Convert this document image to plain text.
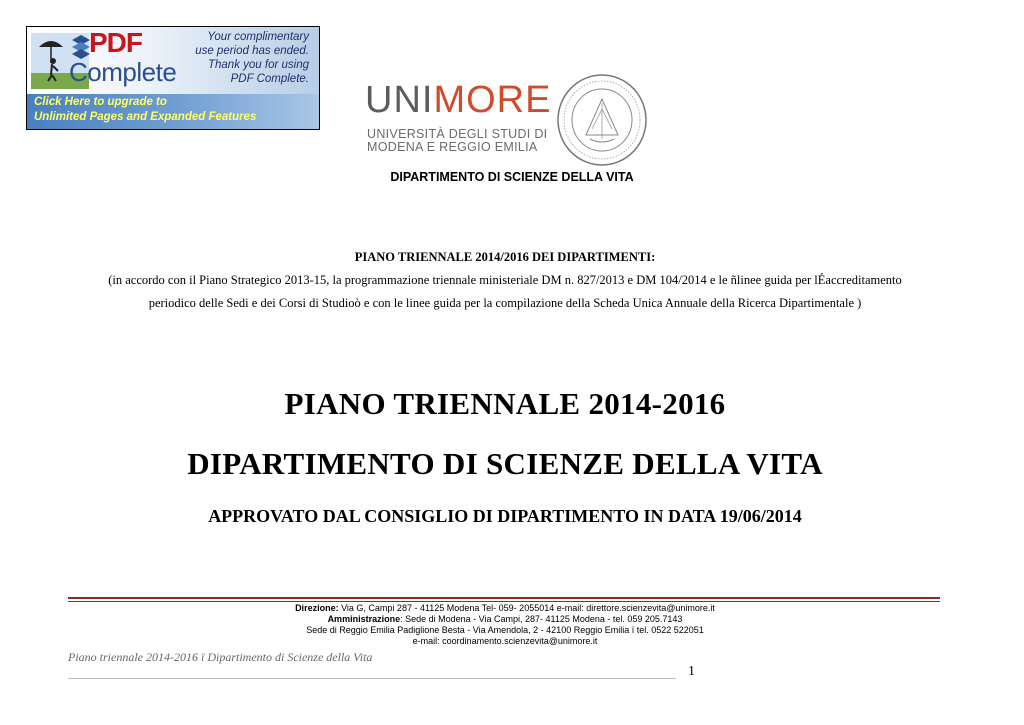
PDF
Complete
Your complimentary
use period has ended.
Thank you for using
PDF Complete.
Click Here to upgrade to
Unlimited Pages and Expanded Features	UNIMORE
UNIVERSITÀ DEGLI STUDI DI
MODENA E REGGIO EMILIA
DIPARTIMENTO DI SCIENZE DELLA VITA
PIANO TRIENNALE 2014/2016 DEI DIPARTIMENTI:
(in accordo con il Piano Strategico 2013-15, la programmazione triennale ministeriale DM n. 827/2013 e DM 104/2014 e le ñlinee guida per lÉaccreditamento
periodico delle Sedi e dei Corsi di Studioò e con le linee guida per la compilazione della Scheda Unica Annuale della Ricerca Dipartimentale )
PIANO TRIENNALE 2014-2016
DIPARTIMENTO DI SCIENZE DELLA VITA
APPROVATO DAL CONSIGLIO DI DIPARTIMENTO IN DATA 19/06/2014
Direzione: Via G, Campi 287 - 41125 Modena Tel- 059- 2055014 e-mail: direttore.scienzevita@unimore.it
Amministrazione: Sede di Modena - Via Campi, 287- 41125 Modena - tel. 059 205.7143
Sede di Reggio Emilia Padiglione Besta - Via Amendola, 2 - 42100 Reggio Emilia ï tel. 0522 522051
e-mail: coordinamento.scienzevita@unimore.it
Piano triennale 2014-2016 ï Dipartimento di Scienze della Vita
1
